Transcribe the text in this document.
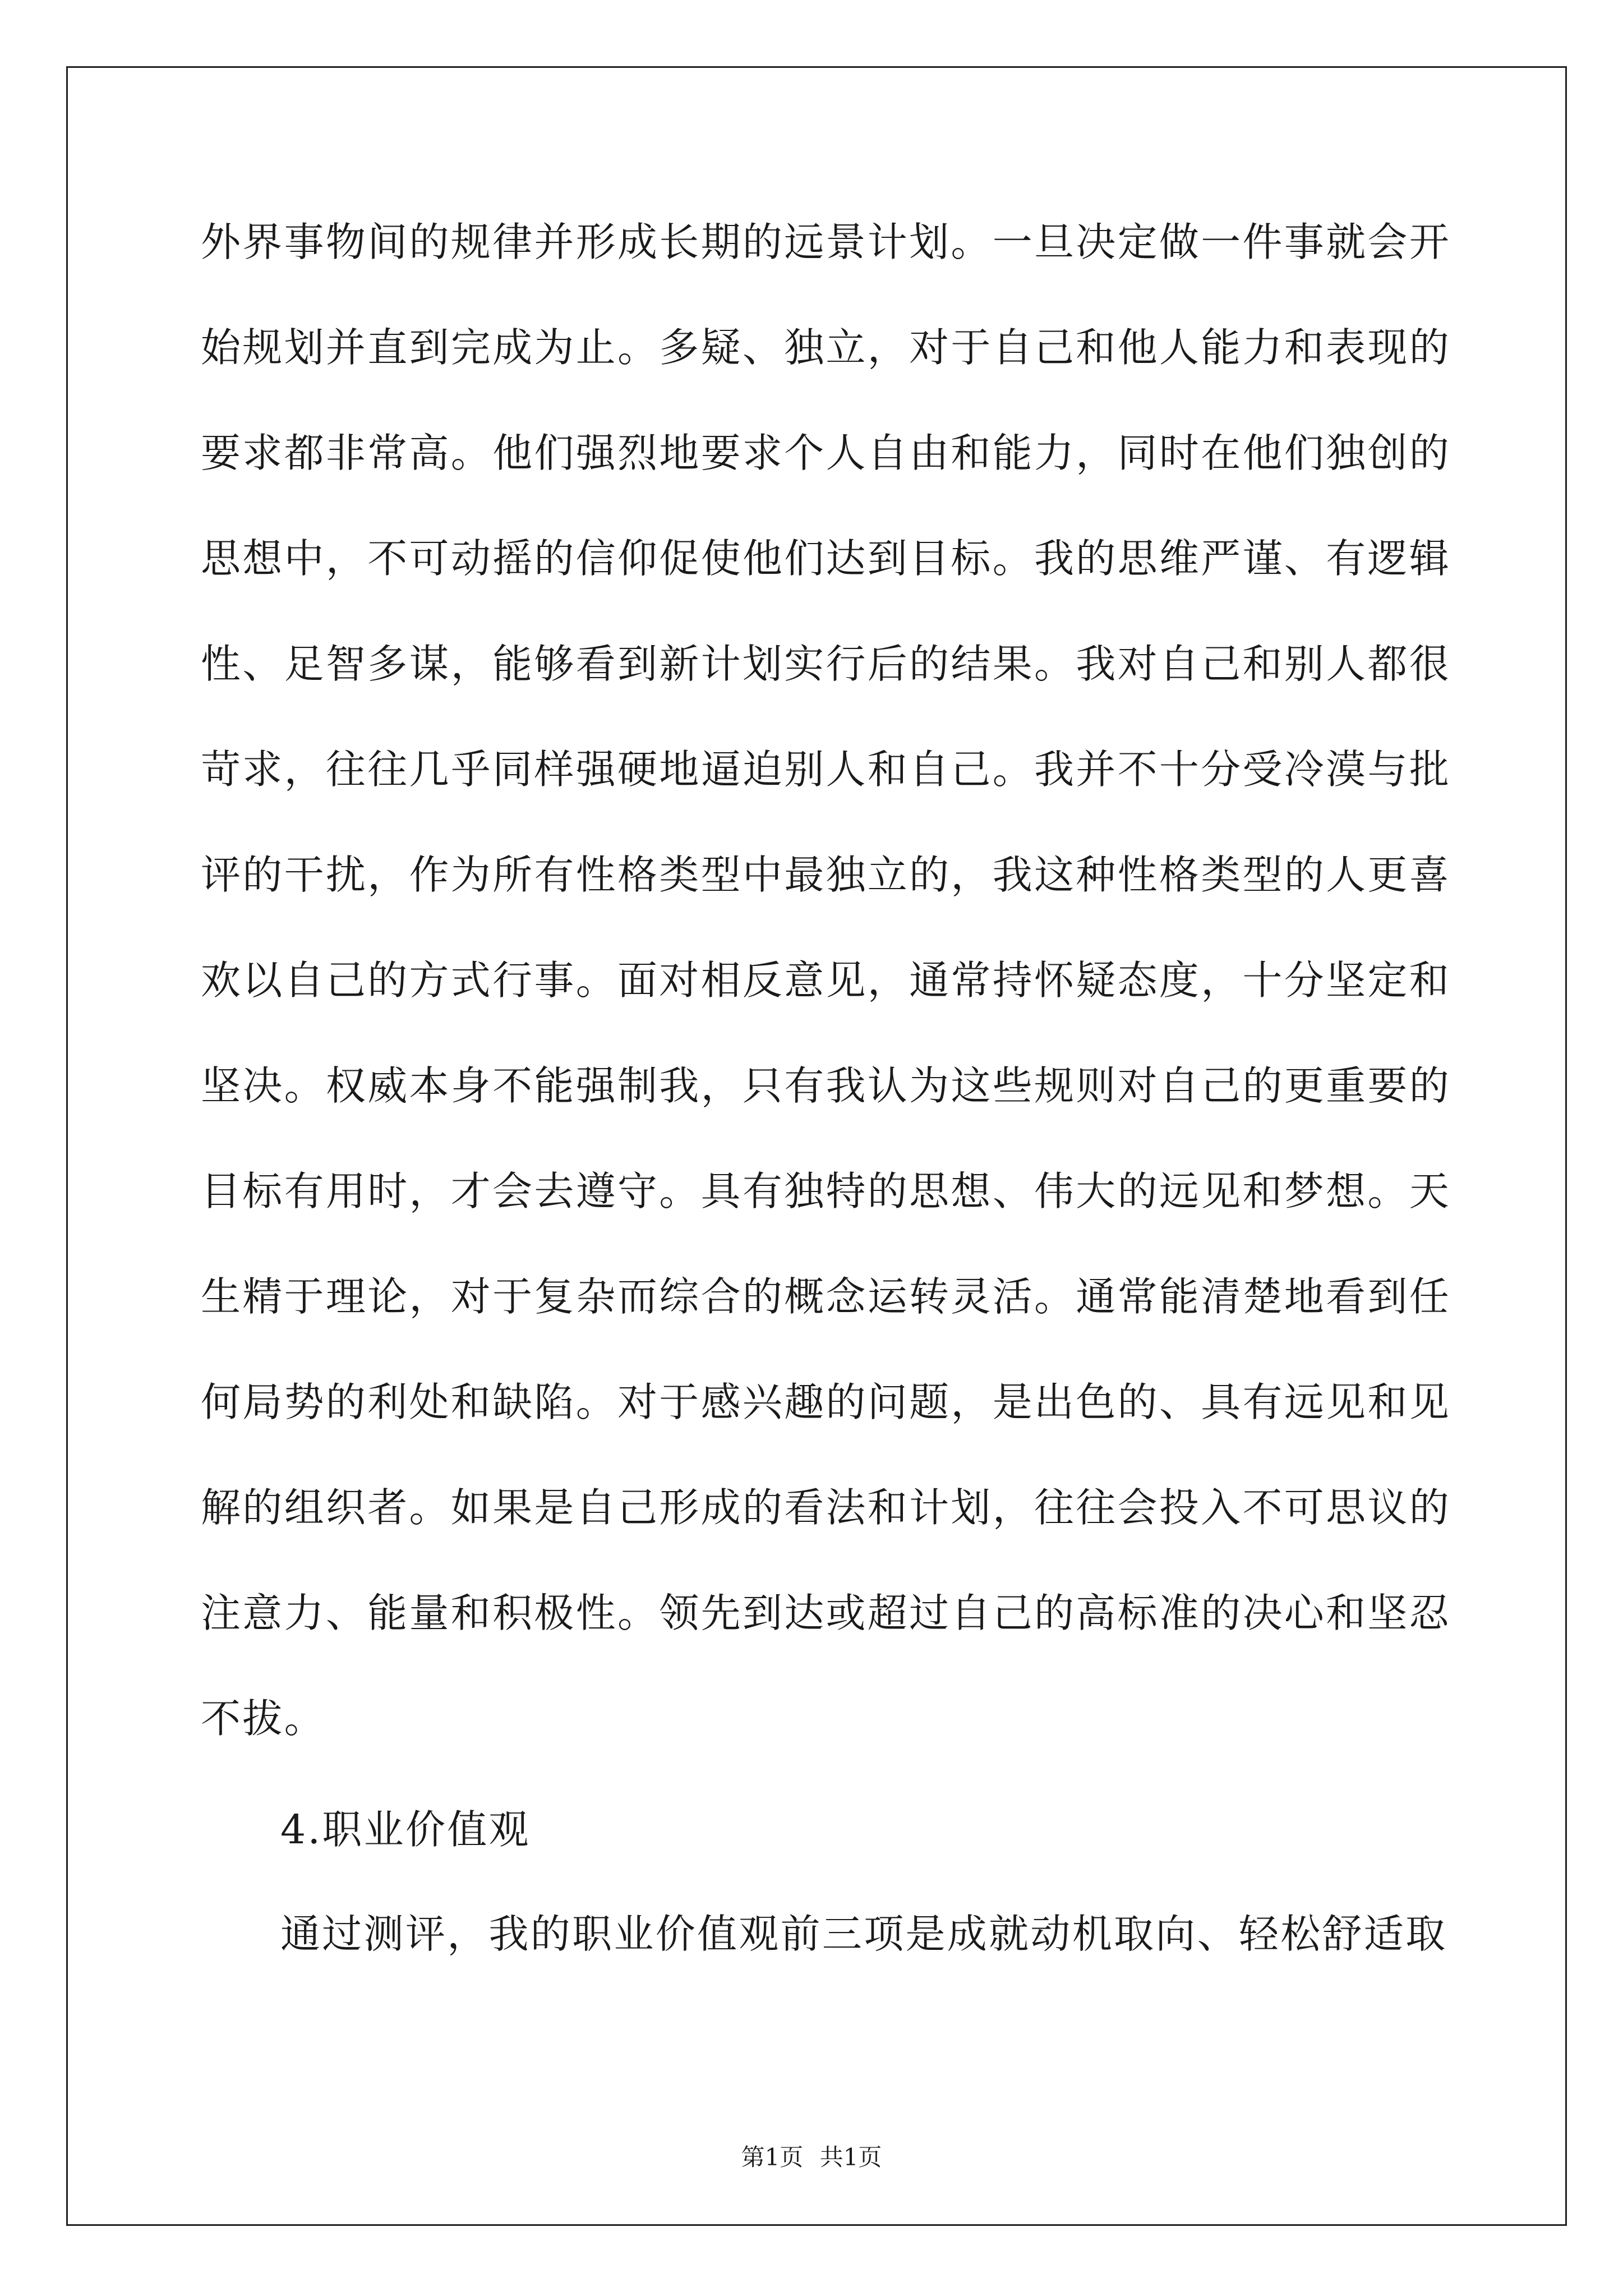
外界事物间的规律并形成长期的远景计划。一旦决定做一件事就会开
始规划并直到完成为止。多疑、独立，对于自己和他人能力和表现的
要求都非常高。他们强烈地要求个人自由和能力，同时在他们独创的
思想中，不可动摇的信仰促使他们达到目标。我的思维严谨、有逻辑
性、足智多谋，能够看到新计划实行后的结果。我对自己和别人都很
苛求，往往几乎同样强硬地逼迫别人和自己。我并不十分受冷漠与批
评的干扰，作为所有性格类型中最独立的，我这种性格类型的人更喜
欢以自己的方式行事。面对相反意见，通常持怀疑态度，十分坚定和
坚决。权威本身不能强制我，只有我认为这些规则对自己的更重要的
目标有用时，才会去遵守。具有独特的思想、伟大的远见和梦想。天
生精于理论，对于复杂而综合的概念运转灵活。通常能清楚地看到任
何局势的利处和缺陷。对于感兴趣的问题，是出色的、具有远见和见
解的组织者。如果是自己形成的看法和计划，往往会投入不可思议的
注意力、能量和积极性。领先到达或超过自己的高标准的决心和坚忍
不拔。
4.职业价值观
通过测评，我的职业价值观前三项是成就动机取向、轻松舒适取
第1页 共1页
